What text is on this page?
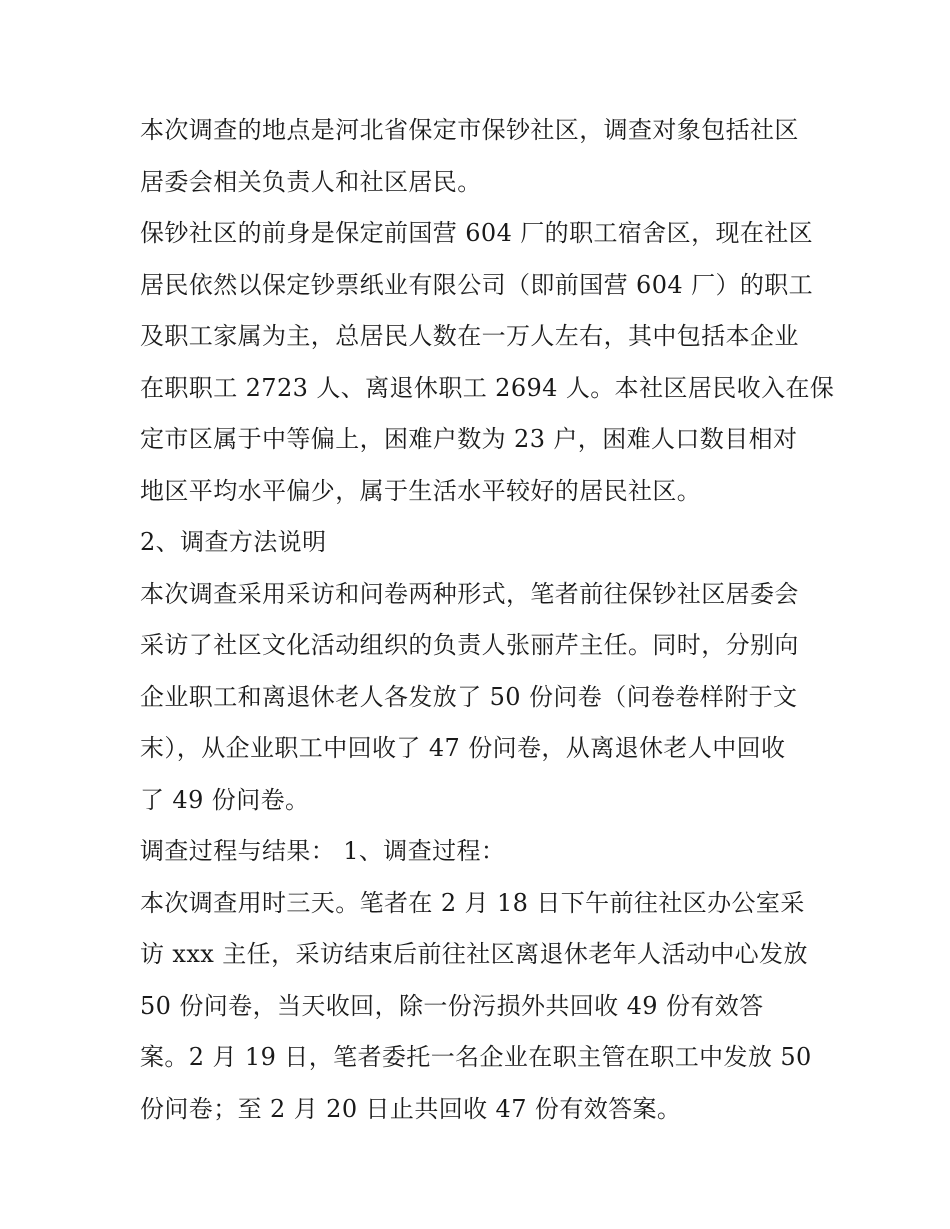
本次调查的地点是河北省保定市保钞社区，调查对象包括社区
居委会相关负责人和社区居民。
保钞社区的前身是保定前国营 604 厂的职工宿舍区，现在社区
居民依然以保定钞票纸业有限公司（即前国营 604 厂）的职工
及职工家属为主，总居民人数在一万人左右，其中包括本企业
在职职工 2723 人、离退休职工 2694 人。本社区居民收入在保
定市区属于中等偏上，困难户数为 23 户，困难人口数目相对
地区平均水平偏少，属于生活水平较好的居民社区。
2、调查方法说明
本次调查采用采访和问卷两种形式，笔者前往保钞社区居委会
采访了社区文化活动组织的负责人张丽芹主任。同时，分别向
企业职工和离退休老人各发放了 50 份问卷（问卷卷样附于文
末），从企业职工中回收了 47 份问卷，从离退休老人中回收
了 49 份问卷。
调查过程与结果： 1、调查过程：
本次调查用时三天。笔者在 2 月 18 日下午前往社区办公室采
访 xxx 主任，采访结束后前往社区离退休老年人活动中心发放
50 份问卷，当天收回，除一份污损外共回收 49 份有效答
案。2 月 19 日，笔者委托一名企业在职主管在职工中发放 50
份问卷；至 2 月 20 日止共回收 47 份有效答案。
